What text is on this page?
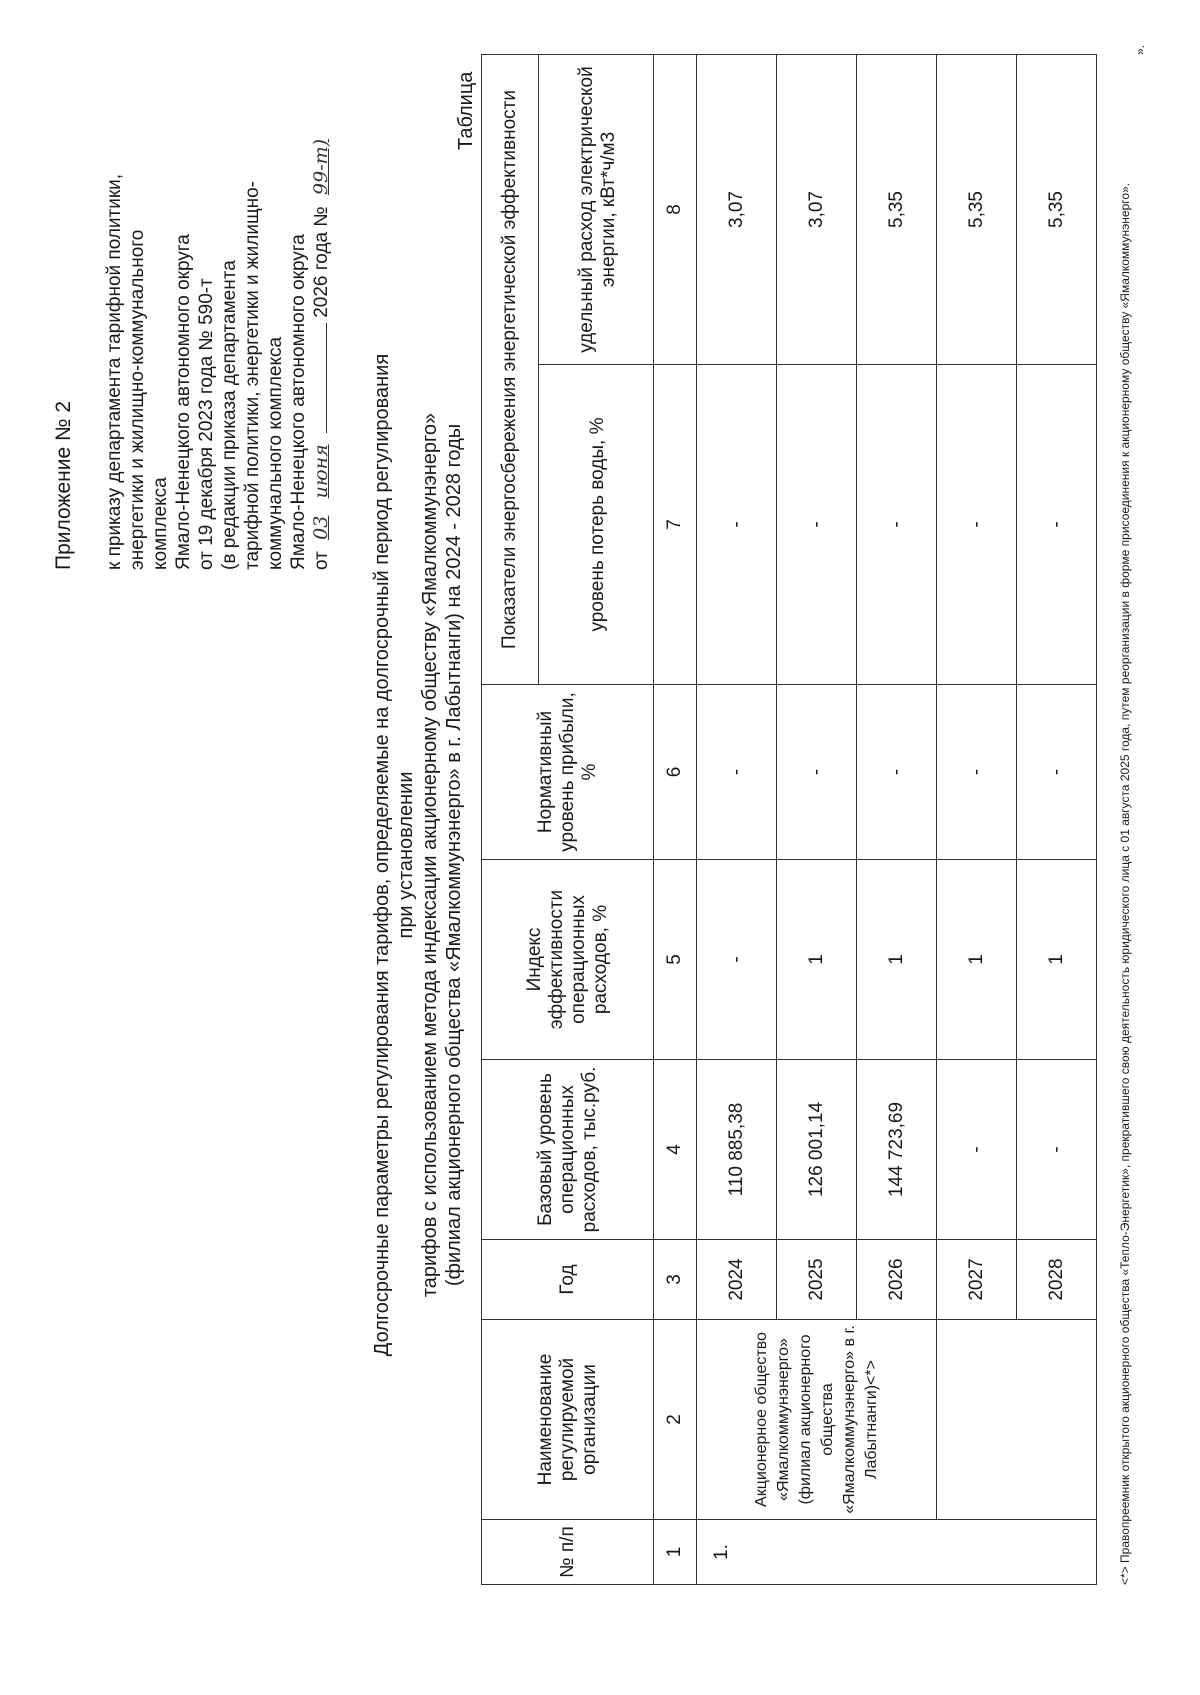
Приложение № 2 к приказу департамента тарифной политики, энергетики и жилищно-коммунального комплекса Ямало-Ненецкого автономного округа от 19 декабря 2023 года № 590-т (в редакции приказа департамента тарифной политики, энергетики и жилищно- коммунального комплекса Ямало-Ненецкого автономного округа от 03 июня  2026 года № 99-т)
Долгосрочные параметры регулирования тарифов, определяемые на долгосрочный период регулирования при установлении тарифов с использованием метода индексации акционерному обществу «Ямалкоммунэнерго» (филиал акционерного общества «Ямалкоммунэнерго» в г. Лабытнанги) на 2024 - 2028 годы
Таблица
№ п/п	Наименование регулируемой организации	Год	Базовый уровень операционных расходов, тыс.руб.	Индекс эффективности операционных расходов, %	Нормативный уровень прибыли, %	Показатели энергосбережения энергетической эффективности	
						уровень потерь воды, %	удельный расход электрической энергии, кВт*ч/м3
1	2	3	4	5	6	7	8
1.	Акционерное общество «Ямалкоммунэнерго» (филиал акционерного общества «Ямалкоммунэнерго» в г. Лабытнанги)<*>	2024	110 885,38	-	-	-	3,07
		2025	126 001,14	1	-	-	3,07
		2026	144 723,69	1	-	-	5,35
		2027	-	1	-	-	5,35
		2028	-	1	-	-	5,35	<*> Правопреемник открытого акционерного общества «Тепло-Энергетик», прекратившего свою деятельность юридического лица с 01 августа 2025 года, путем реорганизации в форме присоединения к акционерному обществу «Ямалкоммунэнерго».
».
